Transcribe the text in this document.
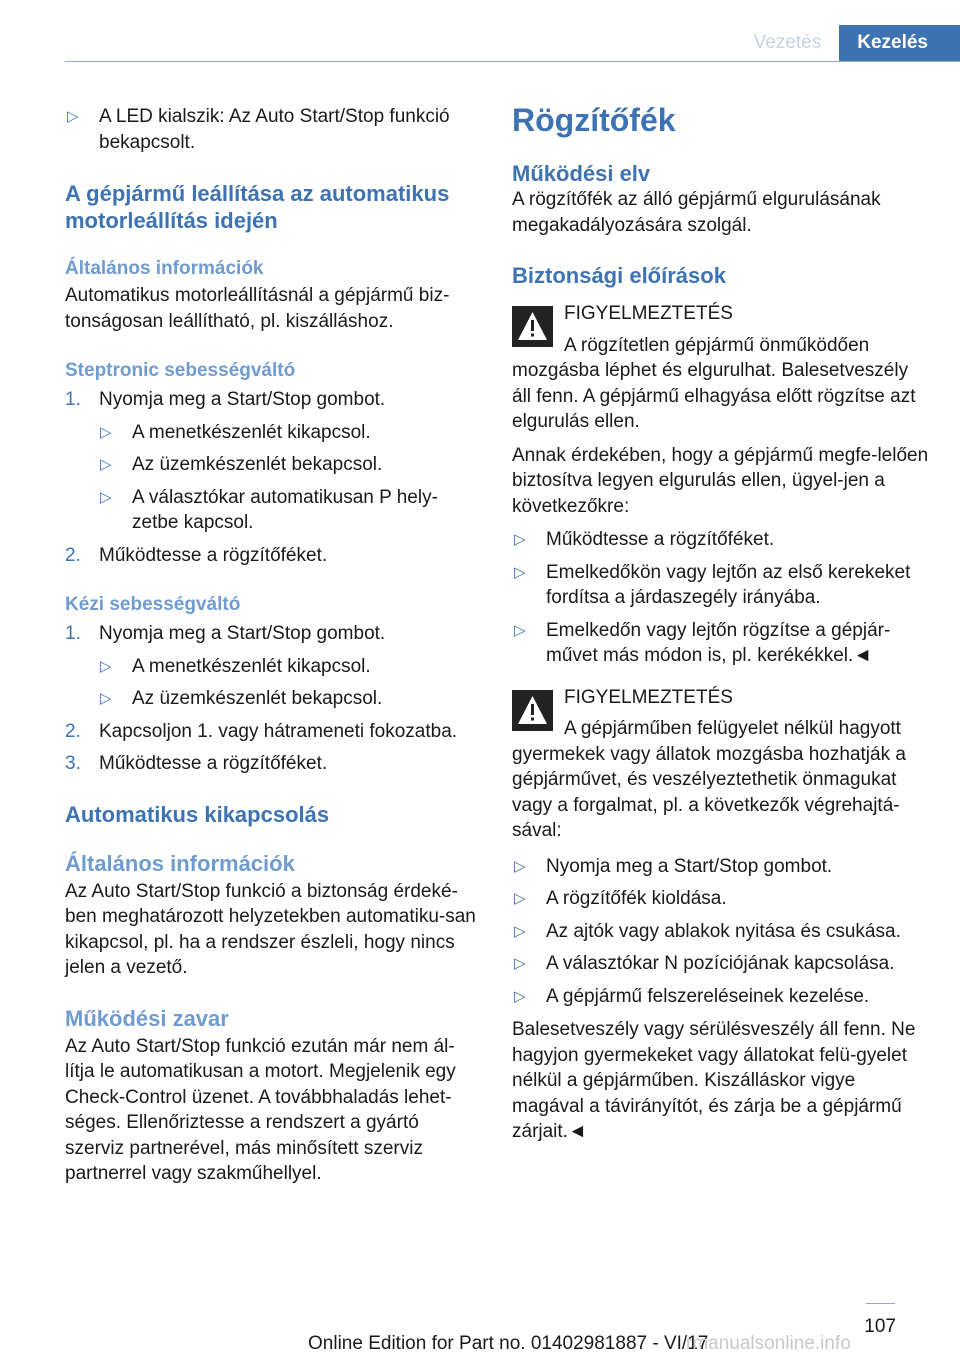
Vezetés	Kezelés
▷ A LED kialszik: Az Auto Start/Stop funkció bekapcsolt.

A gépjármű leállítása az automatikus motorleállítás idején

Általános információk

Automatikus motorleállításnál a gépjármű biz-tonságosan leállítható, pl. kiszálláshoz.

Steptronic sebességváltó

1. Nyomja meg a Start/Stop gombot.
▷ A menetkészenlét kikapcsol.
▷ Az üzemkészenlét bekapcsol.
▷ A választókar automatikusan P hely-zetbe kapcsol.
2. Működtesse a rögzítőféket.

Kézi sebességváltó

1. Nyomja meg a Start/Stop gombot.
▷ A menetkészenlét kikapcsol.
▷ Az üzemkészenlét bekapcsol.
2. Kapcsoljon 1. vagy hátrameneti fokozatba.
3. Működtesse a rögzítőféket.

Automatikus kikapcsolás

Általános információk

Az Auto Start/Stop funkció a biztonság érdeké-ben meghatározott helyzetekben automatiku-san kikapcsol, pl. ha a rendszer észleli, hogy nincs jelen a vezető.

Működési zavar

Az Auto Start/Stop funkció ezután már nem ál-lítja le automatikusan a motort. Megjelenik egy Check-Control üzenet. A továbbhaladás lehet-séges. Ellenőriztesse a rendszert a gyártó szerviz partnerével, más minősített szerviz partnerrel vagy szakműhellyel.

Rögzítőfék

Működési elv

A rögzítőfék az álló gépjármű elgurulásának megakadályozására szolgál.

Biztonsági előírások

FIGYELMEZTETÉS

A rögzítetlen gépjármű önműködően mozgásba léphet és elgurulhat. Balesetveszély áll fenn. A gépjármű elhagyása előtt rögzítse azt elgurulás ellen.

Annak érdekében, hogy a gépjármű megfe-lelően biztosítva legyen elgurulás ellen, ügyel-jen a következőkre:

▷ Működtesse a rögzítőféket.
▷ Emelkedőkön vagy lejtőn az első kerekeket fordítsa a járdaszegély irányába.
▷ Emelkedőn vagy lejtőn rögzítse a gépjár-művet más módon is, pl. kerékékkel.◄
FIGYELMEZTETÉS

A gépjárműben felügyelet nélkül hagyott gyermekek vagy állatok mozgásba hozhatják a gépjárművet, és veszélyeztethetik önmagukat vagy a forgalmat, pl. a következők végrehajtá-sával:

▷ Nyomja meg a Start/Stop gombot.
▷ A rögzítőfék kioldása.
▷ Az ajtók vagy ablakok nyitása és csukása.
▷ A választókar N pozíciójának kapcsolása.
▷ A gépjármű felszereléseinek kezelése.

Balesetveszély vagy sérülésveszély áll fenn. Ne hagyjon gyermekeket vagy állatokat felü-gyelet nélkül a gépjárműben. Kiszálláskor vigye magával a távirányítót, és zárja be a gépjármű zárjait.◄

107
Online Edition for Part no. 01402981887 - VI/17
rmanualsonline.info
